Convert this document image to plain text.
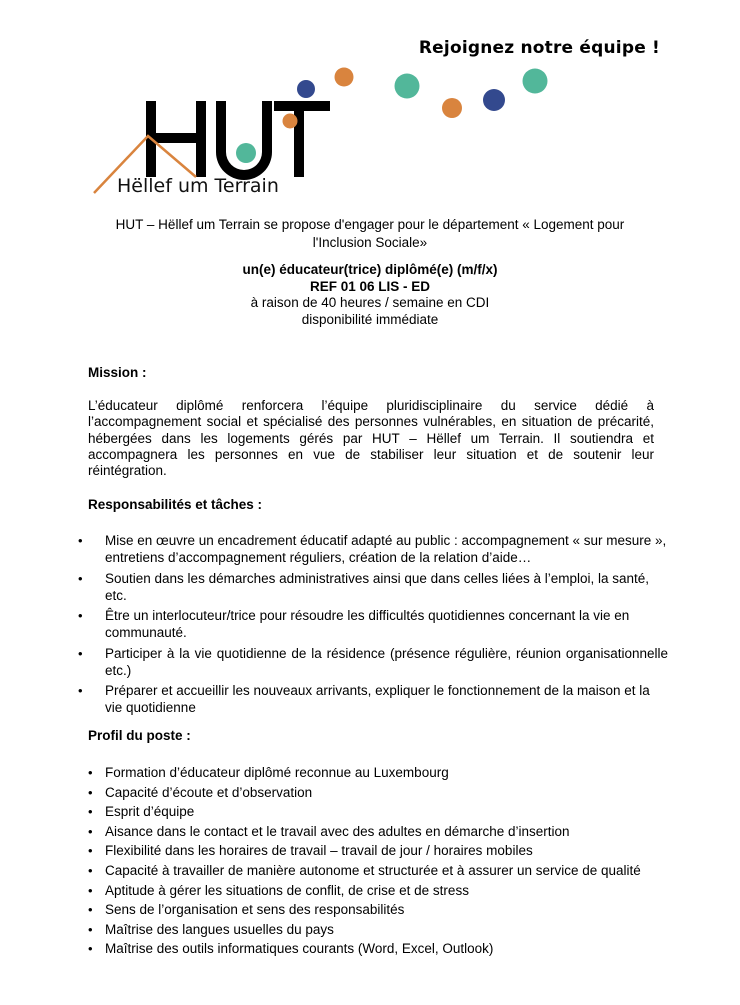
Rejoignez notre équipe !
Hëllef um Terrain
HUT – Hëllef um Terrain se propose d'engager pour le département « Logement pour
l'Inclusion Sociale»
un(e) éducateur(trice) diplômé(e) (m/f/x)
REF 01 06 LIS - ED
à raison de 40 heures / semaine en CDI
disponibilité immédiate
Mission :
L’éducateur diplômé renforcera l’équipe pluridisciplinaire du service dédié à l’accompagnement social et spécialisé des personnes vulnérables, en situation de précarité, hébergées dans les logements gérés par HUT – Hëllef um Terrain. Il soutiendra et accompagnera les personnes en vue de stabiliser leur situation et de soutenir leur réintégration.
Responsabilités et tâches :
• Mise en œuvre un encadrement éducatif adapté au public : accompagnement « sur mesure », entretiens d’accompagnement réguliers, création de la relation d’aide…
• Soutien dans les démarches administratives ainsi que dans celles liées à l’emploi, la santé, etc.
• Être un interlocuteur/trice pour résoudre les difficultés quotidiennes concernant la vie en communauté.
• Participer à la vie quotidienne de la résidence (présence régulière, réunion organisationnelle etc.)
• Préparer et accueillir les nouveaux arrivants, expliquer le fonctionnement de la maison et la vie quotidienne
Profil du poste :
• Formation d’éducateur diplômé reconnue au Luxembourg
• Capacité d’écoute et d’observation
• Esprit d’équipe
• Aisance dans le contact et le travail avec des adultes en démarche d’insertion
• Flexibilité dans les horaires de travail – travail de jour / horaires mobiles
• Capacité à travailler de manière autonome et structurée et à assurer un service de qualité
• Aptitude à gérer les situations de conflit, de crise et de stress
• Sens de l’organisation et sens des responsabilités
• Maîtrise des langues usuelles du pays
• Maîtrise des outils informatiques courants (Word, Excel, Outlook)
